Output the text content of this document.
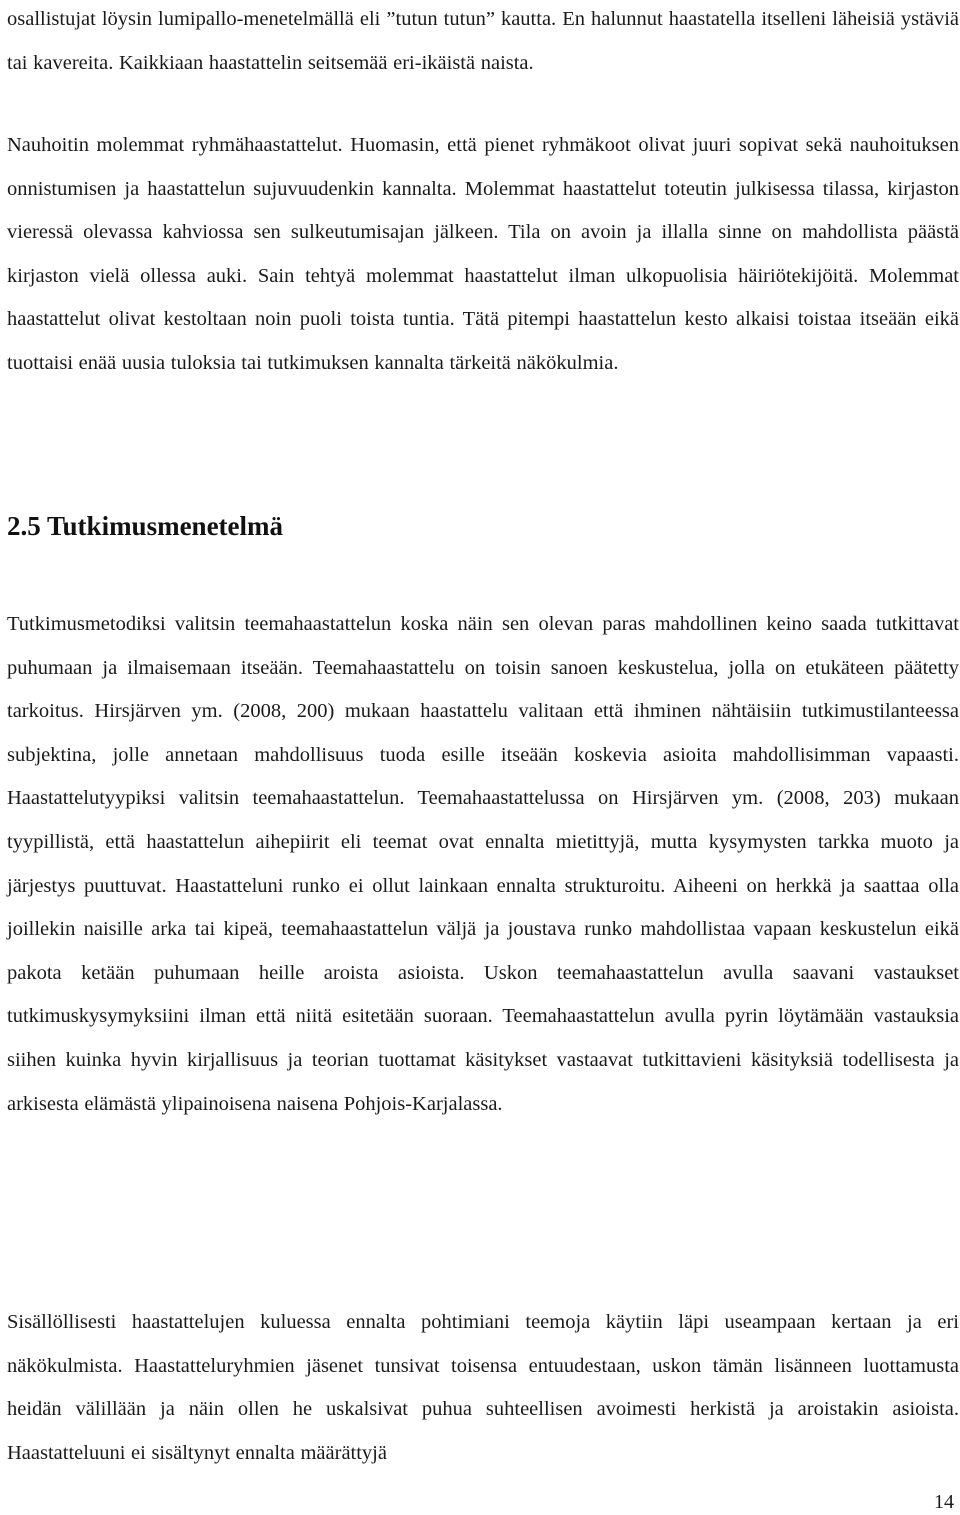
osallistujat löysin lumipallo-menetelmällä eli ”tutun tutun” kautta. En halunnut haastatella itselleni läheisiä ystäviä tai kavereita. Kaikkiaan haastattelin seitsemää eri-ikäistä naista.

Nauhoitin molemmat ryhmähaastattelut. Huomasin, että pienet ryhmäkoot olivat juuri sopivat sekä nauhoituksen onnistumisen ja haastattelun sujuvuudenkin kannalta. Molemmat haastattelut toteutin julkisessa tilassa, kirjaston vieressä olevassa kahviossa sen sulkeutumisajan jälkeen. Tila on avoin ja illalla sinne on mahdollista päästä kirjaston vielä ollessa auki. Sain tehtyä molemmat haastattelut ilman ulkopuolisia häiriötekijöitä. Molemmat haastattelut olivat kestoltaan noin puoli toista tuntia. Tätä pitempi haastattelun kesto alkaisi toistaa itseään eikä tuottaisi enää uusia tuloksia tai tutkimuksen kannalta tärkeitä näkökulmia.

2.5 Tutkimusmenetelmä

Tutkimusmetodiksi valitsin teemahaastattelun koska näin sen olevan paras mahdollinen keino saada tutkittavat puhumaan ja ilmaisemaan itseään. Teemahaastattelu on toisin sanoen keskustelua, jolla on etukäteen päätetty tarkoitus. Hirsjärven ym. (2008, 200) mukaan haastattelu valitaan että ihminen nähtäisiin tutkimustilanteessa subjektina, jolle annetaan mahdollisuus tuoda esille itseään koskevia asioita mahdollisimman vapaasti. Haastattelutyypiksi valitsin teemahaastattelun. Teemahaastattelussa on Hirsjärven ym. (2008, 203) mukaan tyypillistä, että haastattelun aihepiirit eli teemat ovat ennalta mietittyjä, mutta kysymysten tarkka muoto ja järjestys puuttuvat. Haastatteluni runko ei ollut lainkaan ennalta strukturoitu. Aiheeni on herkkä ja saattaa olla joillekin naisille arka tai kipeä, teemahaastattelun väljä ja joustava runko mahdollistaa vapaan keskustelun eikä pakota ketään puhumaan heille aroista asioista. Uskon teemahaastattelun avulla saavani vastaukset tutkimuskysymyksiini ilman että niitä esitetään suoraan. Teemahaastattelun avulla pyrin löytämään vastauksia siihen kuinka hyvin kirjallisuus ja teorian tuottamat käsitykset vastaavat tutkittavieni käsityksiä todellisesta ja arkisesta elämästä ylipainoisena naisena Pohjois-Karjalassa.

Sisällöllisesti haastattelujen kuluessa ennalta pohtimiani teemoja käytiin läpi useampaan kertaan ja eri näkökulmista. Haastatteluryhmien jäsenet tunsivat toisensa entuudestaan, uskon tämän lisänneen luottamusta heidän välillään ja näin ollen he uskalsivat puhua suhteellisen avoimesti herkistä ja aroistakin asioista. Haastatteluuni ei sisältynyt ennalta määrättyjä

14
